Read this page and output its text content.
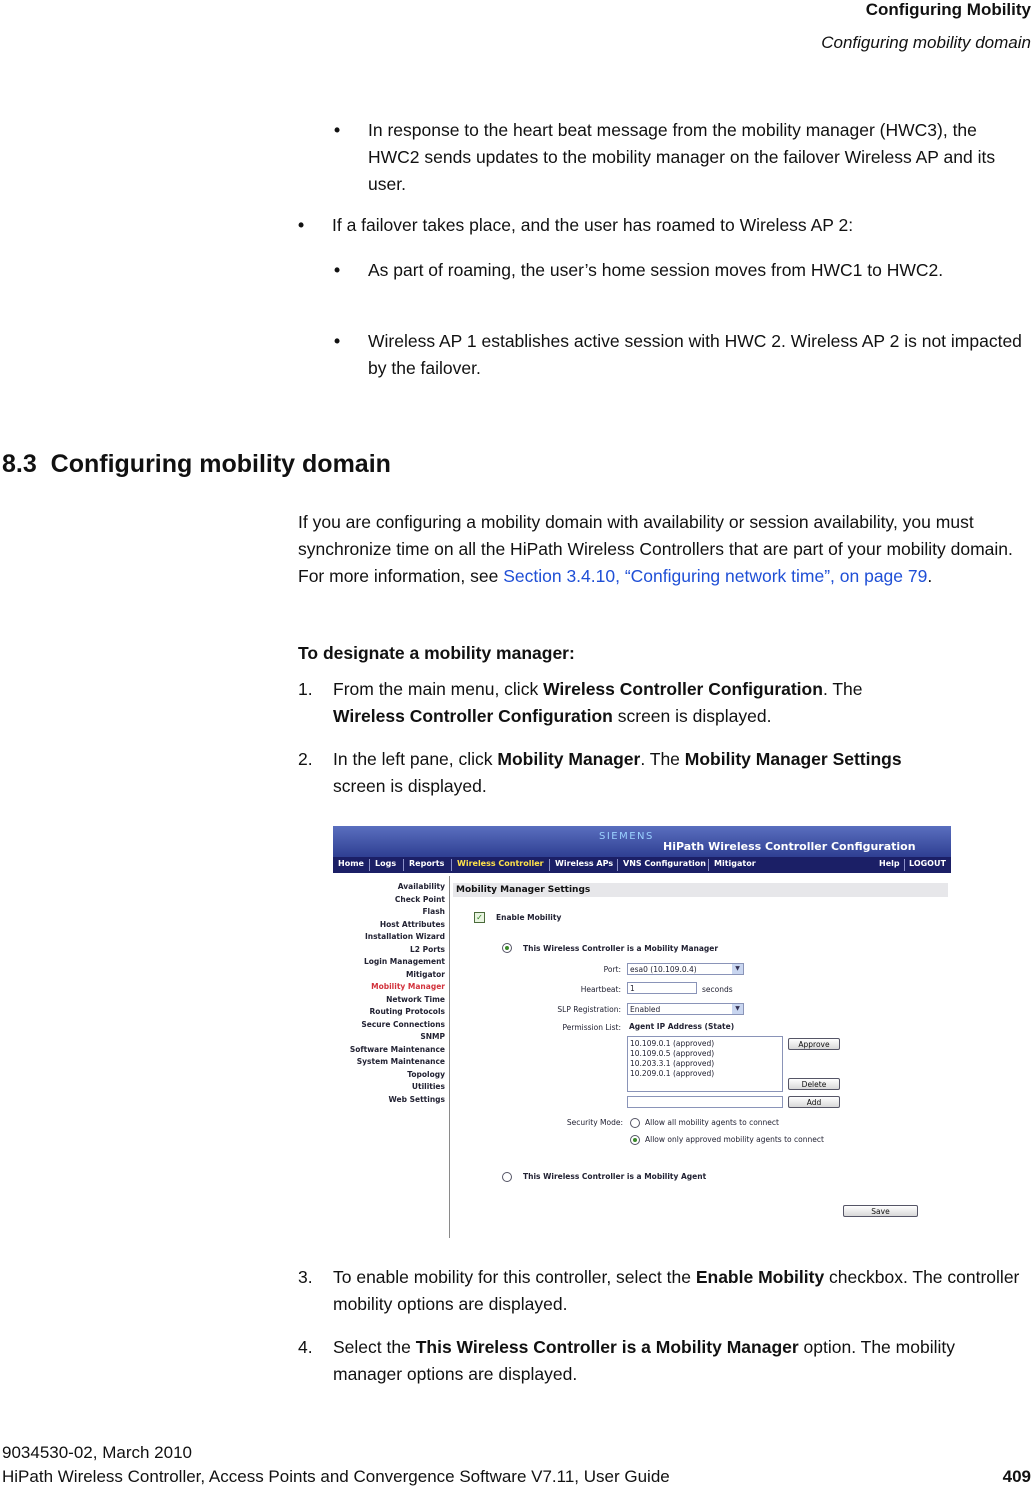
Configuring Mobility
Configuring mobility domain
• In response to the heart beat message from the mobility manager (HWC3), the HWC2 sends updates to the mobility manager on the failover Wireless AP and its user.
• If a failover takes place, and the user has roamed to Wireless AP 2:
• As part of roaming, the user’s home session moves from HWC1 to HWC2.
• Wireless AP 1 establishes active session with HWC 2. Wireless AP 2 is not impacted by the failover.
8.3 Configuring mobility domain
If you are configuring a mobility domain with availability or session availability, you must synchronize time on all the HiPath Wireless Controllers that are part of your mobility domain. For more information, see Section 3.4.10, “Configuring network time”, on page 79.
To designate a mobility manager:
1. From the main menu, click Wireless Controller Configuration. The
Wireless Controller Configuration screen is displayed.
2. In the left pane, click Mobility Manager. The Mobility Manager Settings
screen is displayed.
SIEMENS
HiPath Wireless Controller Configuration
Home Logs Reports Wireless Controller Wireless APs VNS Configuration Mitigator	Help LOGOUT
Availability
Check Point
Flash
Host Attributes
Installation Wizard
L2 Ports
Login Management
Mitigator
Mobility Manager
Network Time
Routing Protocols
Secure Connections
SNMP
Software Maintenance
System Maintenance
Topology
Utilities
Web Settings
Mobility Manager Settings
✓ Enable Mobility
This Wireless Controller is a Mobility Manager
Port:	esa0 (10.109.0.4)	▼
Heartbeat:	1	seconds
SLP Registration:	Enabled	▼
Permission List: Agent IP Address (State)
10.109.0.1 (approved)
10.109.0.5 (approved)
10.203.3.1 (approved)
10.209.0.1 (approved)
Approve
Delete
Add
Security Mode:	Allow all mobility agents to connect
Allow only approved mobility agents to connect
This Wireless Controller is a Mobility Agent
Save
3. To enable mobility for this controller, select the Enable Mobility checkbox. The controller mobility options are displayed.
4. Select the This Wireless Controller is a Mobility Manager option. The mobility manager options are displayed.
9034530-02, March 2010
HiPath Wireless Controller, Access Points and Convergence Software V7.11, User Guide	409
